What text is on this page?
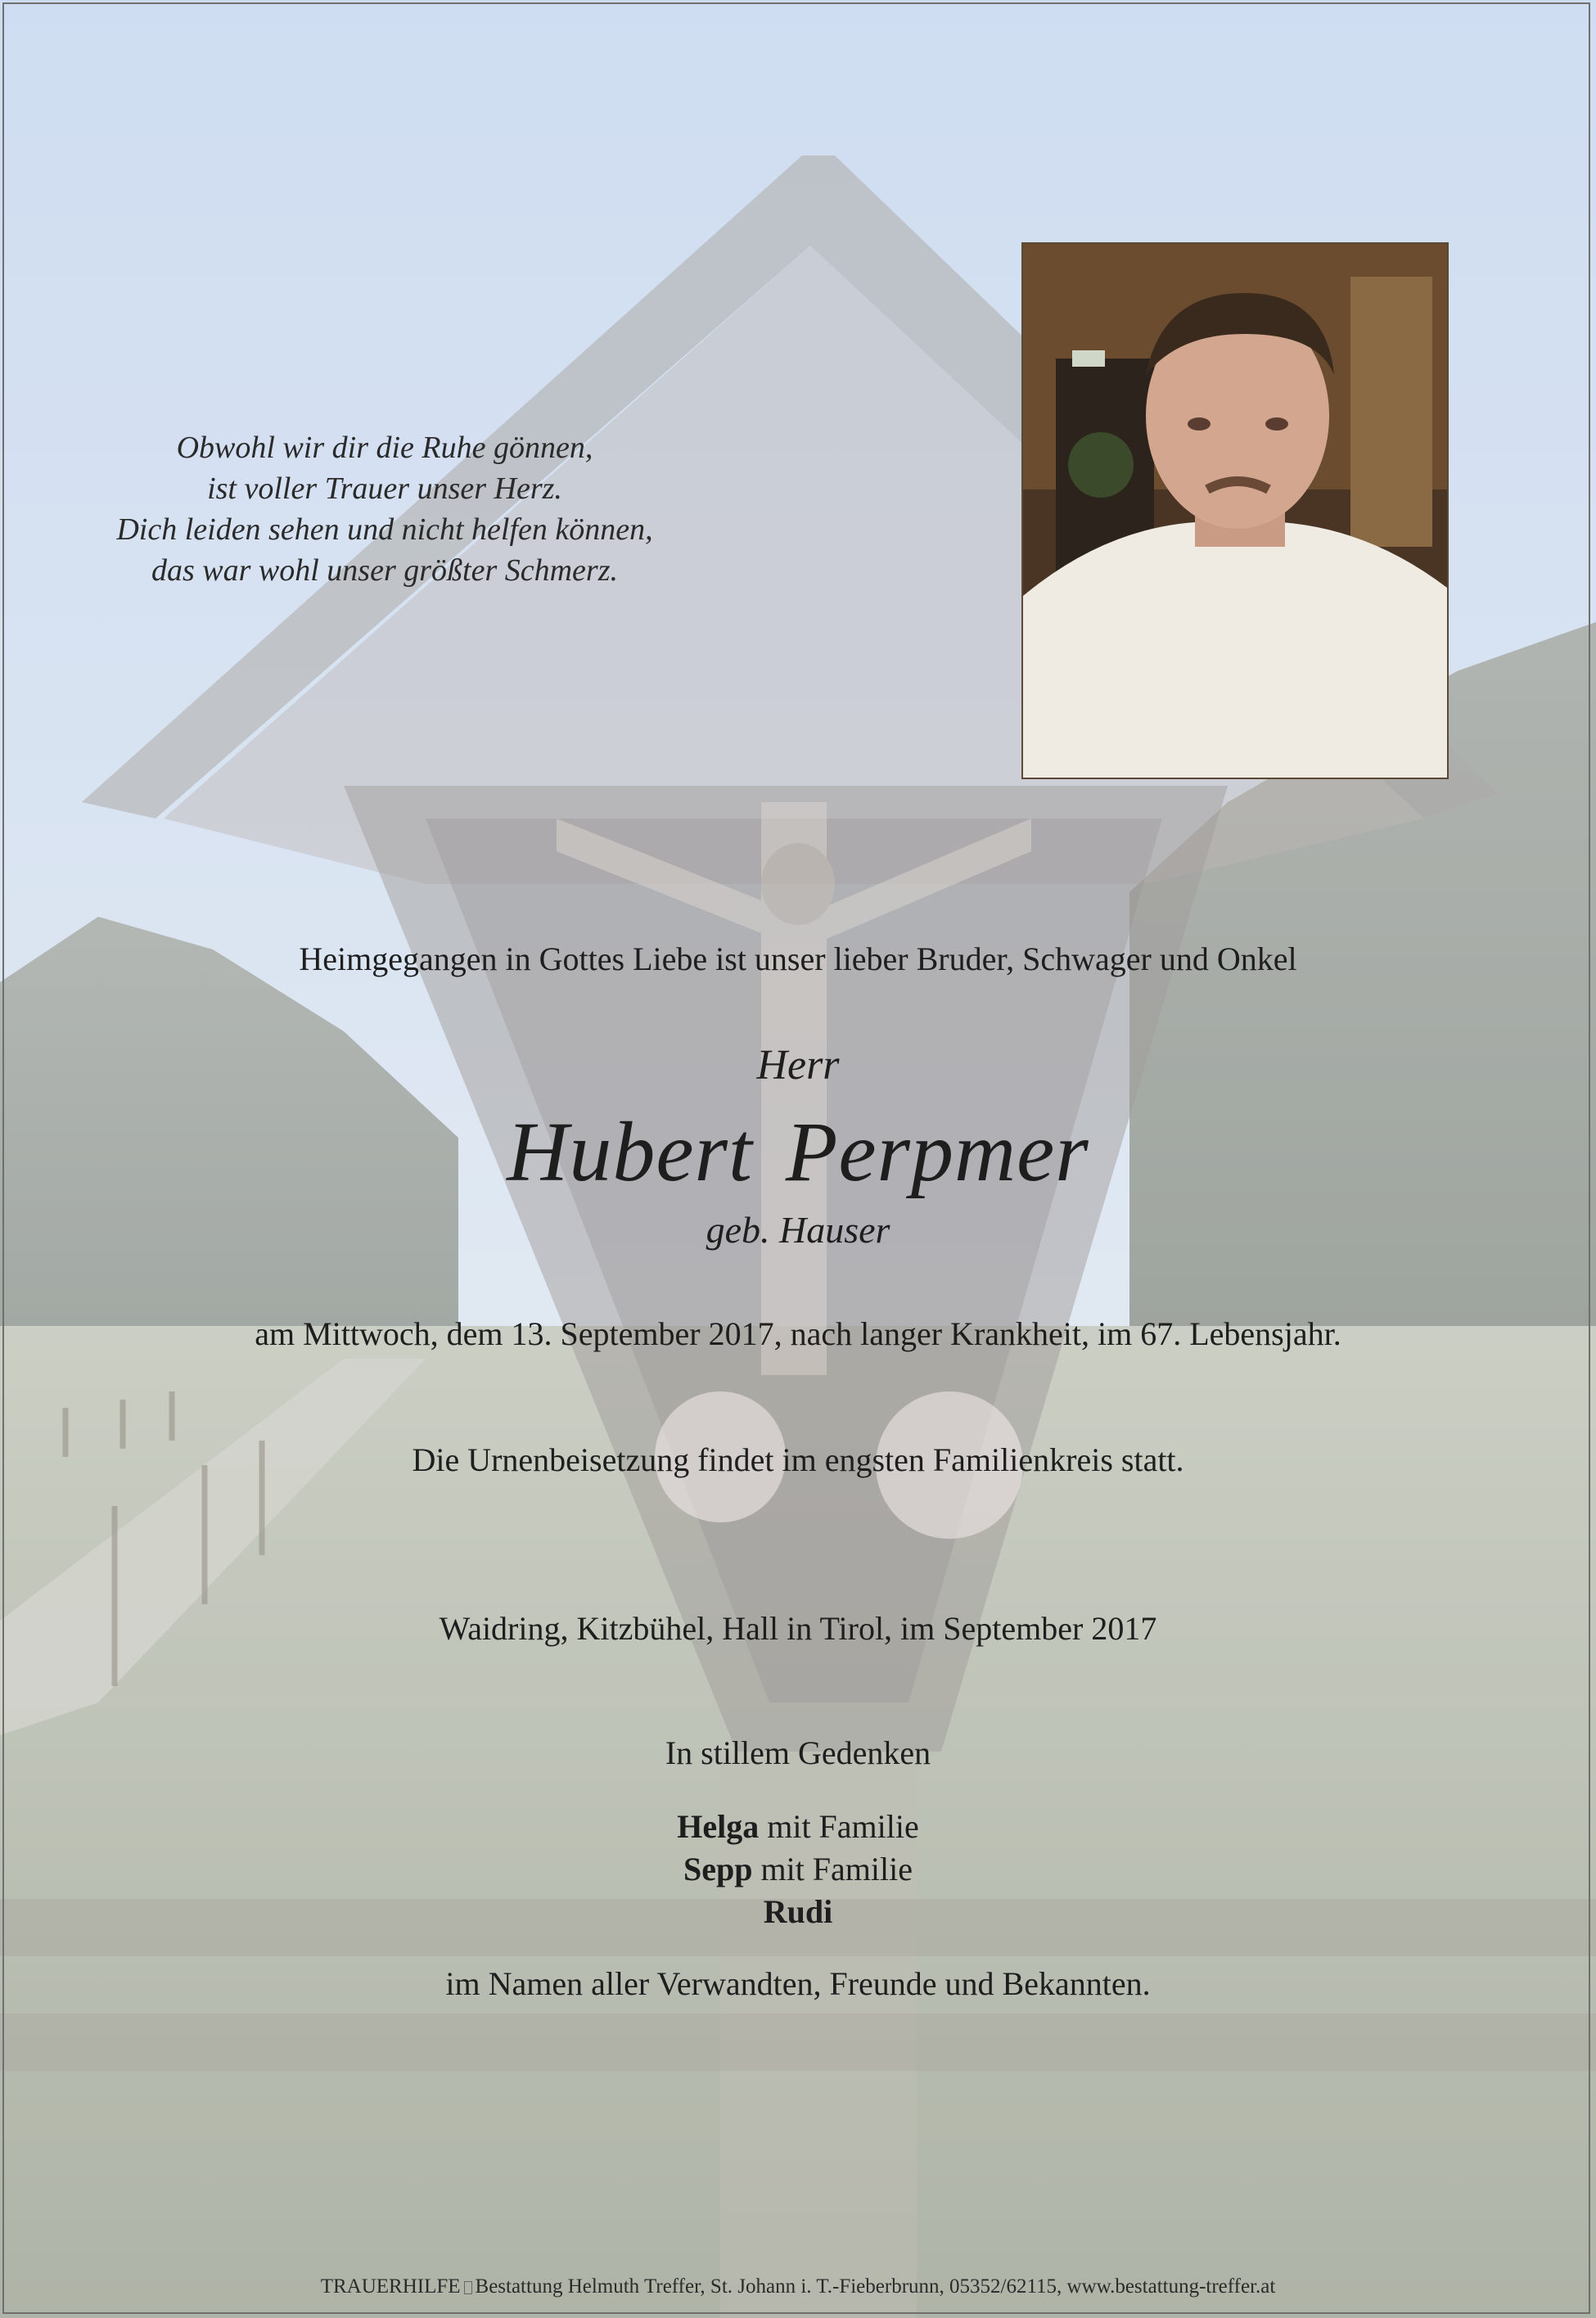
Obwohl wir dir die Ruhe gönnen,
ist voller Trauer unser Herz.
Dich leiden sehen und nicht helfen können,
das war wohl unser größter Schmerz.
Heimgegangen in Gottes Liebe ist unser lieber Bruder, Schwager und Onkel
Herr
Hubert Perpmer
geb. Hauser
am Mittwoch, dem 13. September 2017, nach langer Krankheit, im 67. Lebensjahr.
Die Urnenbeisetzung findet im engsten Familienkreis statt.
Waidring, Kitzbühel, Hall in Tirol, im September 2017
In stillem Gedenken
Helga mit Familie
Sepp mit Familie
Rudi
im Namen aller Verwandten, Freunde und Bekannten.
TRAUERHILFE Bestattung Helmuth Treffer, St. Johann i. T.-Fieberbrunn, 05352/62115, www.bestattung-treffer.at
